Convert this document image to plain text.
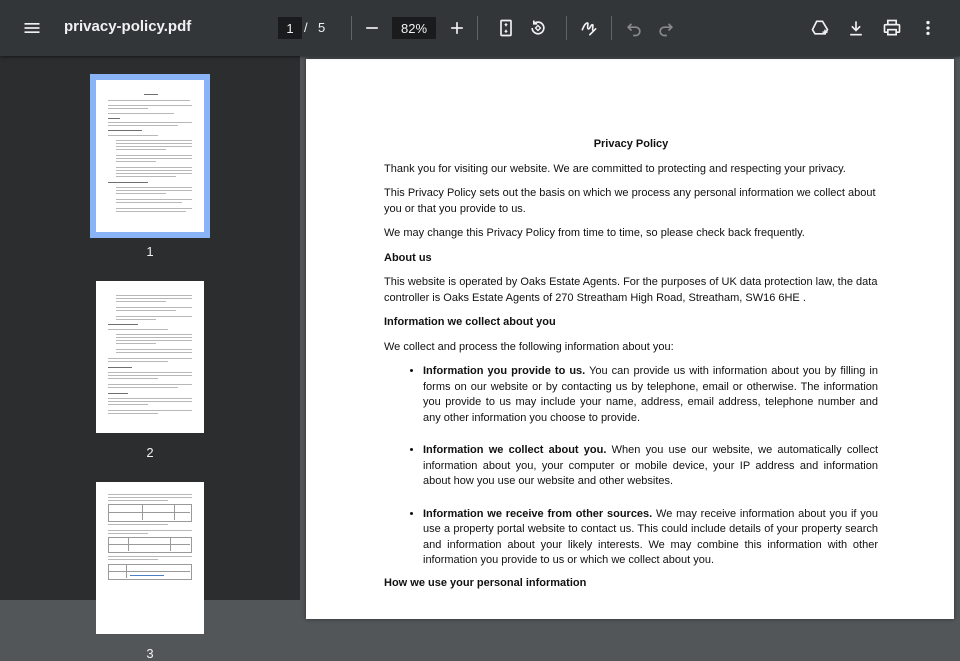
privacy-policy.pdf
1	/ 5
82%
1
2
3

Privacy Policy

Thank you for visiting our website. We are committed to protecting and respecting your privacy.

This Privacy Policy sets out the basis on which we process any personal information we collect about you or that you provide to us.

We may change this Privacy Policy from time to time, so please check back frequently.

About us

This website is operated by Oaks Estate Agents. For the purposes of UK data protection law, the data controller is Oaks Estate Agents of 270 Streatham High Road, Streatham, SW16 6HE .

Information we collect about you

We collect and process the following information about you:

• Information you provide to us. You can provide us with information about you by filling in forms on our website or by contacting us by telephone, email or otherwise. The information you provide to us may include your name, address, email address, telephone number and any other information you choose to provide.
• Information we collect about you. When you use our website, we automatically collect information about you, your computer or mobile device, your IP address and information about how you use our website and other websites.
• Information we receive from other sources. We may receive information about you if you use a property portal website to contact us. This could include details of your property search and information about your likely interests. We may combine this information with other information you provide to us or which we collect about you.

How we use your personal information
